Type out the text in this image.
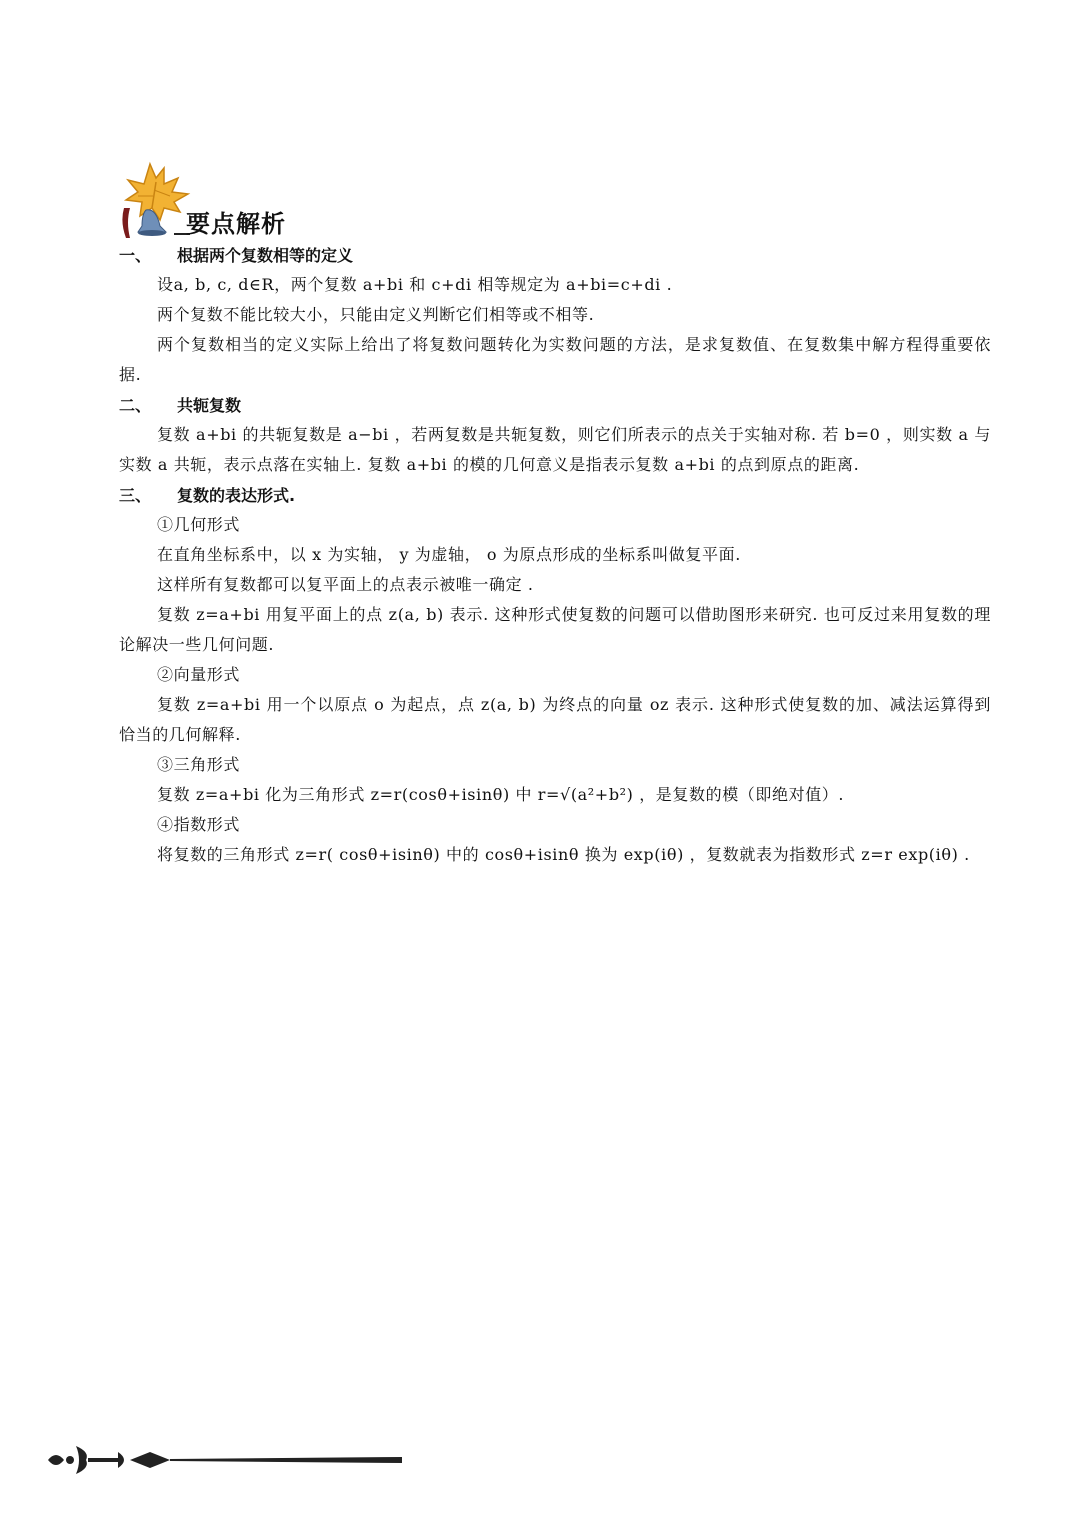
要点解析
一、 根据两个复数相等的定义

设a, b, c, d∈R，两个复数 a+bi 和 c+di 相等规定为 a+bi=c+di .

两个复数不能比较大小，只能由定义判断它们相等或不相等.

两个复数相当的定义实际上给出了将复数问题转化为实数问题的方法，是求复数值、在复数集中解方程得重要依据.

二、 共轭复数

复数 a+bi 的共轭复数是 a−bi ，若两复数是共轭复数，则它们所表示的点关于实轴对称. 若 b=0 ，则实数 a 与实数 a 共轭，表示点落在实轴上. 复数 a+bi 的模的几何意义是指表示复数 a+bi 的点到原点的距离.

三、 复数的表达形式.
①几何形式

在直角坐标系中，以 x 为实轴， y 为虚轴， o 为原点形成的坐标系叫做复平面.

这样所有复数都可以复平面上的点表示被唯一确定 .

复数 z=a+bi 用复平面上的点 z(a, b) 表示. 这种形式使复数的问题可以借助图形来研究. 也可反过来用复数的理论解决一些几何问题.

②向量形式

复数 z=a+bi 用一个以原点 o 为起点，点 z(a, b) 为终点的向量 oz 表示. 这种形式使复数的加、减法运算得到恰当的几何解释.

③三角形式

复数 z=a+bi 化为三角形式 z=r(cosθ+isinθ) 中 r=√(a²+b²) ，是复数的模（即绝对值）.

④指数形式

将复数的三角形式 z=r( cosθ+isinθ) 中的 cosθ+isinθ 换为 exp(iθ) ，复数就表为指数形式 z=r exp(iθ) .
